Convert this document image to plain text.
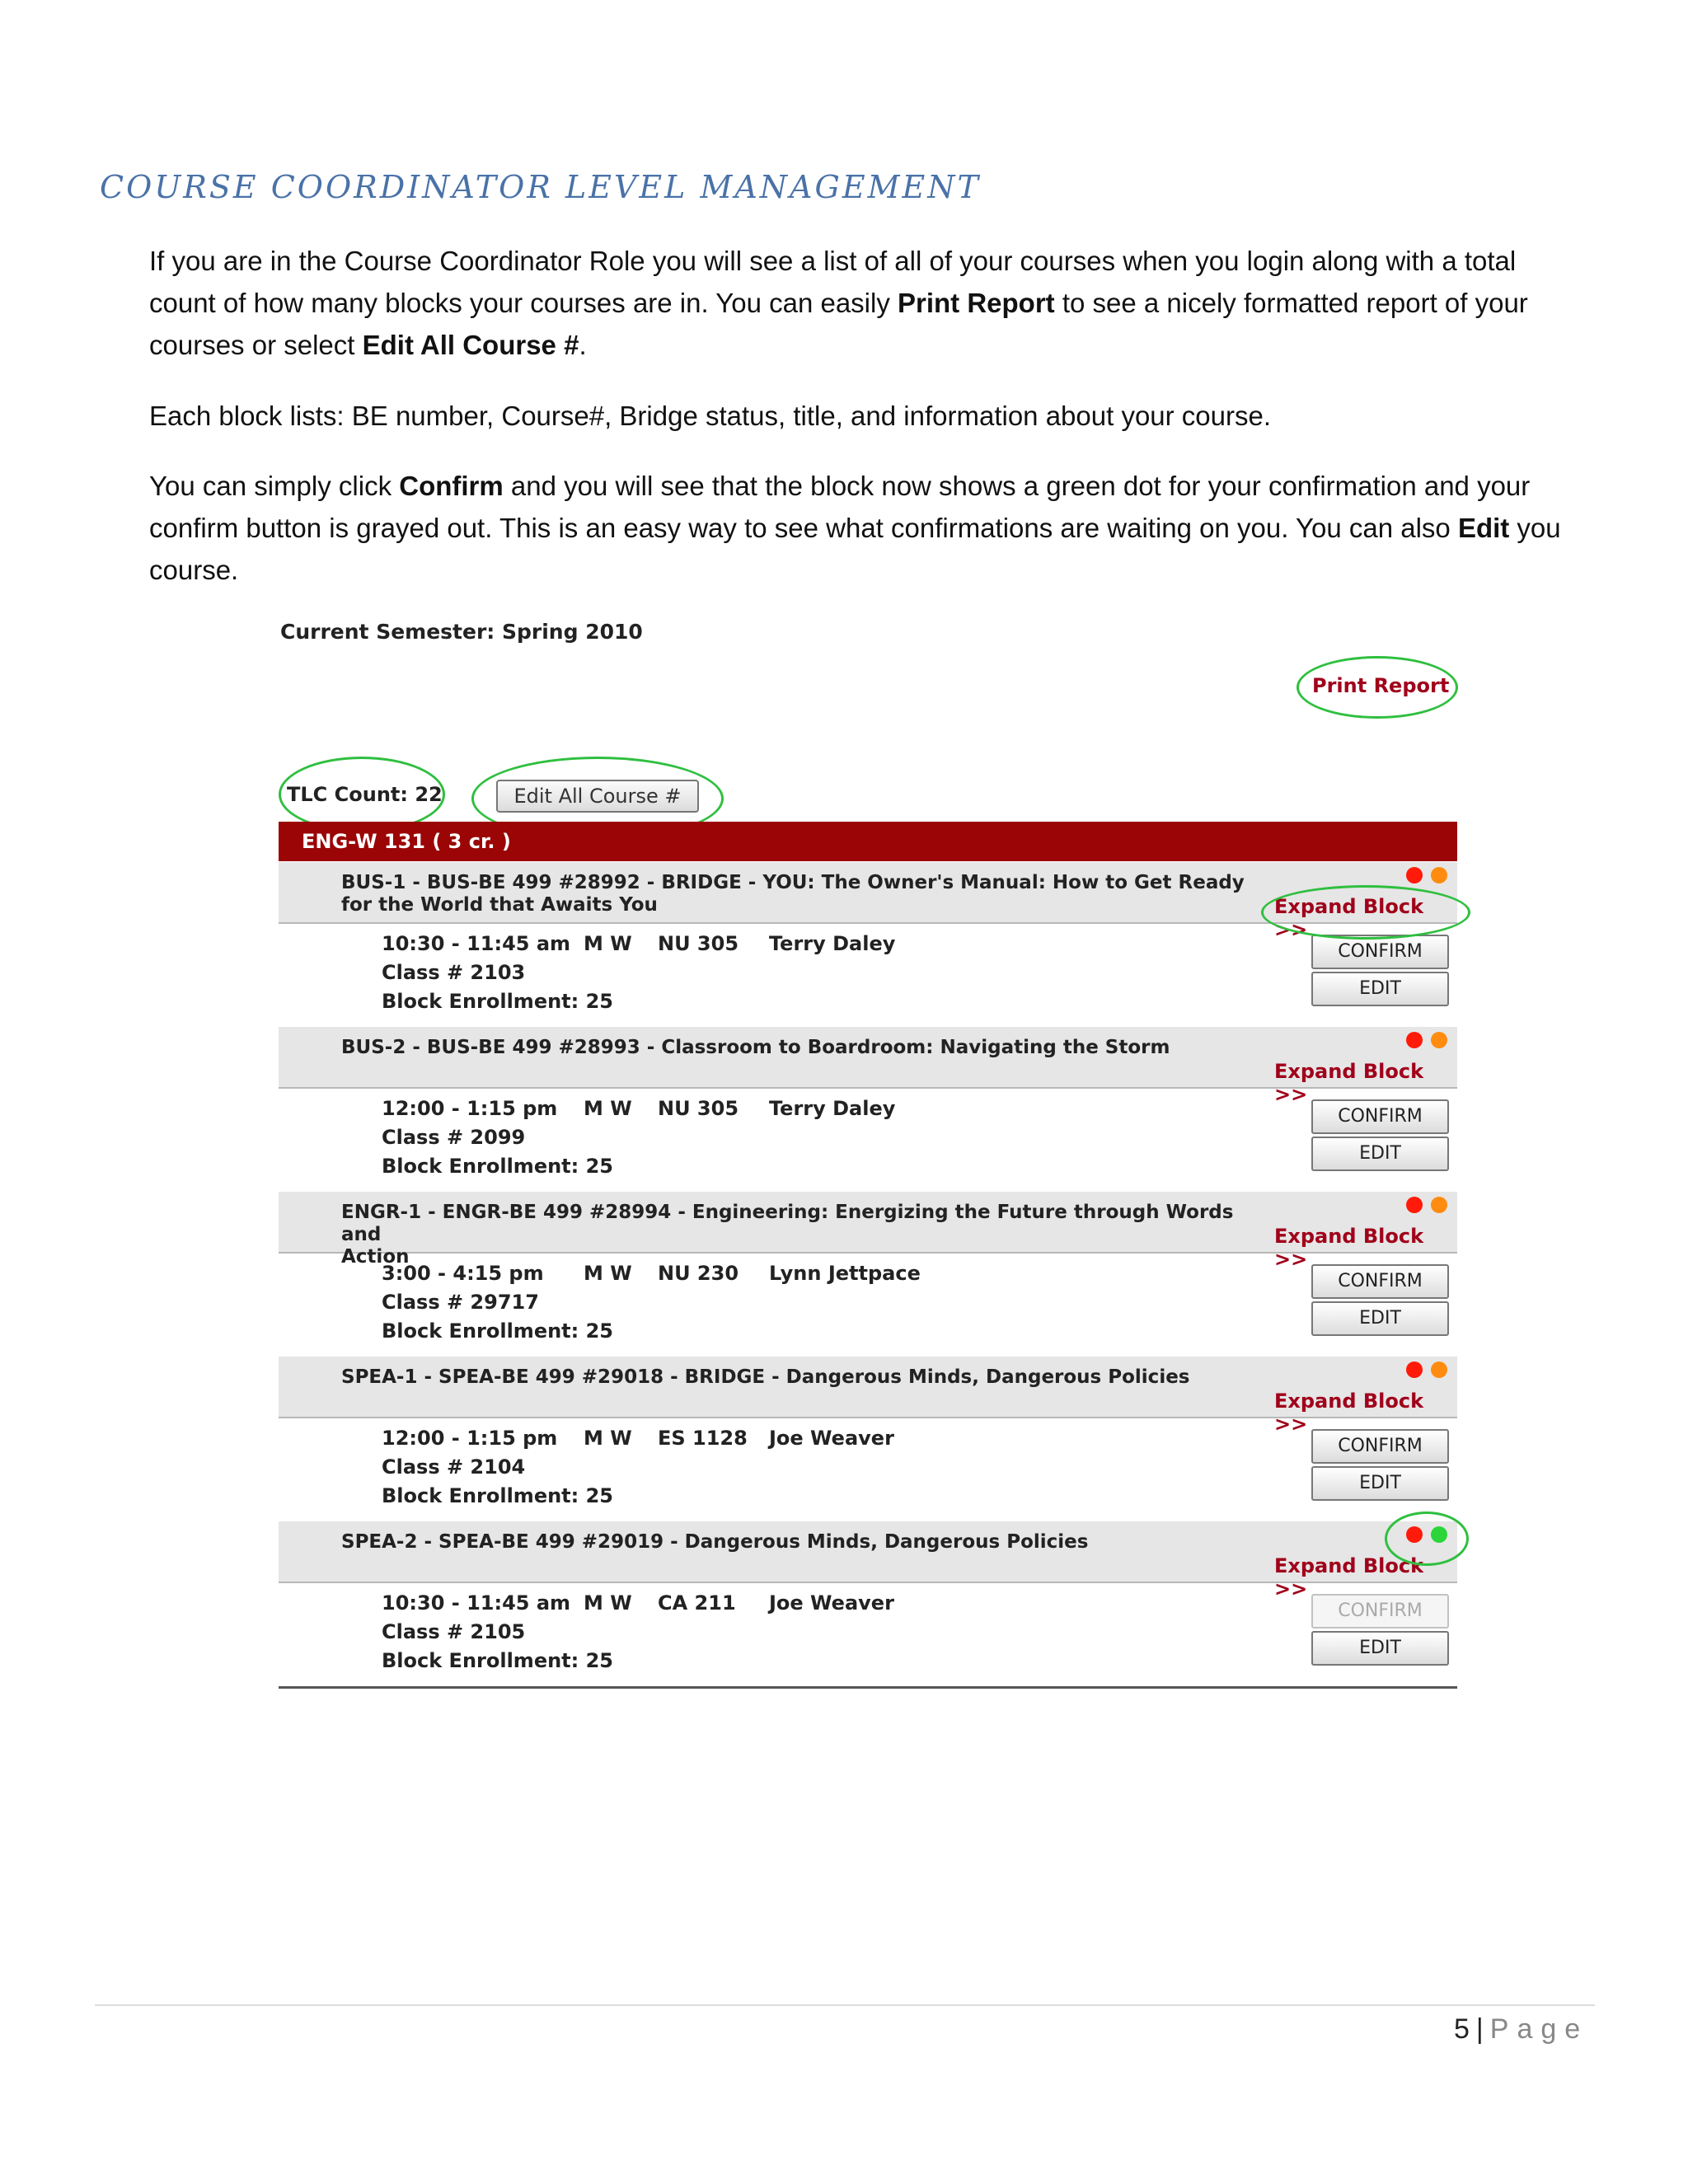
COURSE COORDINATOR LEVEL MANAGEMENT
If you are in the Course Coordinator Role you will see a list of all of your courses when you login along with a total count of how many blocks your courses are in. You can easily Print Report to see a nicely formatted report of your courses or select Edit All Course #.
Each block lists: BE number, Course#, Bridge status, title, and information about your course.
You can simply click Confirm and you will see that the block now shows a green dot for your confirmation and your confirm button is grayed out. This is an easy way to see what confirmations are waiting on you. You can also Edit you course.
Current Semester: Spring 2010
Print Report
TLC Count: 22	Edit All Course #
ENG-W 131 ( 3 cr. )
BUS-1 - BUS-BE 499 #28992 - BRIDGE - YOU: The Owner's Manual: How to Get Ready
for the World that Awaits You	Expand Block >>
10:30 - 11:45 am M W NU 305 Terry Daley
Class # 2103
Block Enrollment: 25
CONFIRM
EDIT
BUS-2 - BUS-BE 499 #28993 - Classroom to Boardroom: Navigating the Storm
Expand Block >>
12:00 - 1:15 pm M W NU 305 Terry Daley
Class # 2099
Block Enrollment: 25
CONFIRM
EDIT
ENGR-1 - ENGR-BE 499 #28994 - Engineering: Energizing the Future through Words and
Action
Expand Block >>
3:00 - 4:15 pm M W NU 230 Lynn Jettpace
Class # 29717
Block Enrollment: 25
CONFIRM
EDIT
SPEA-1 - SPEA-BE 499 #29018 - BRIDGE - Dangerous Minds, Dangerous Policies
Expand Block >>
12:00 - 1:15 pm M W ES 1128 Joe Weaver
Class # 2104
Block Enrollment: 25
CONFIRM
EDIT
SPEA-2 - SPEA-BE 499 #29019 - Dangerous Minds, Dangerous Policies
Expand Block >>
10:30 - 11:45 am M W CA 211 Joe Weaver
Class # 2105
Block Enrollment: 25
CONFIRM
EDIT
5 | Page
